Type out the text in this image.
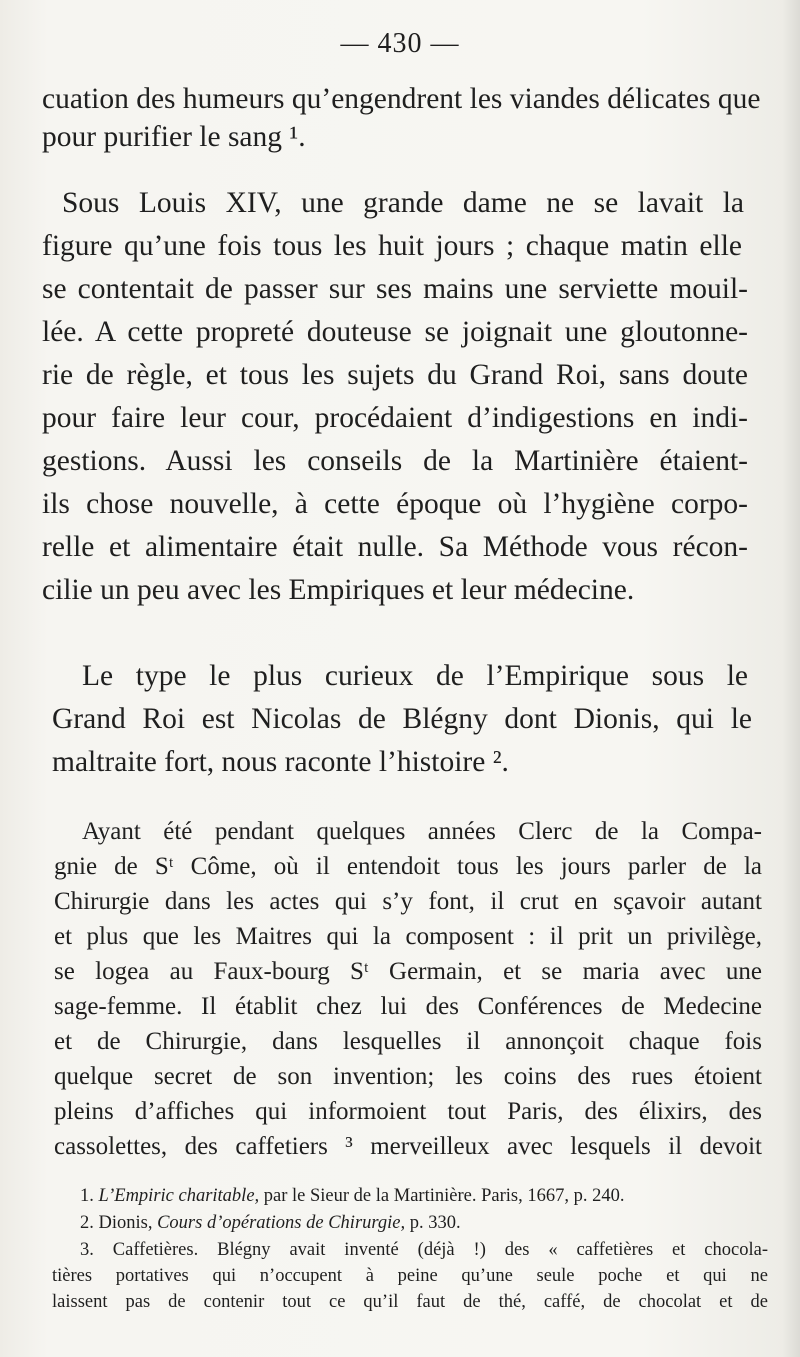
— 430 —
cuation des humeurs qu’engendrent les viandes délicates que
pour purifier le sang ¹.
Sous Louis XIV, une grande dame ne se lavait la
figure qu’une fois tous les huit jours ; chaque matin elle
se contentait de passer sur ses mains une serviette mouil-
lée. A cette propreté douteuse se joignait une gloutonne-
rie de règle, et tous les sujets du Grand Roi, sans doute
pour faire leur cour, procédaient d’indigestions en indi-
gestions. Aussi les conseils de la Martinière étaient-
ils chose nouvelle, à cette époque où l’hygiène corpo-
relle et alimentaire était nulle. Sa Méthode vous récon-
cilie un peu avec les Empiriques et leur médecine.
Le type le plus curieux de l’Empirique sous le
Grand Roi est Nicolas de Blégny dont Dionis, qui le
maltraite fort, nous raconte l’histoire ².
Ayant été pendant quelques années Clerc de la Compa-
gnie de Sᵗ Côme, où il entendoit tous les jours parler de la
Chirurgie dans les actes qui s’y font, il crut en sçavoir autant
et plus que les Maitres qui la composent : il prit un privilège,
se logea au Faux-bourg Sᵗ Germain, et se maria avec une
sage-femme. Il établit chez lui des Conférences de Medecine
et de Chirurgie, dans lesquelles il annonçoit chaque fois
quelque secret de son invention; les coins des rues étoient
pleins d’affiches qui informoient tout Paris, des élixirs, des
cassolettes, des caffetiers ³ merveilleux avec lesquels il devoit
1. L’Empiric charitable, par le Sieur de la Martinière. Paris, 1667, p. 240.
2. Dionis, Cours d’opérations de Chirurgie, p. 330.
3. Caffetières. Blégny avait inventé (déjà !) des « caffetières et chocola-
tières portatives qui n’occupent à peine qu’une seule poche et qui ne
laissent pas de contenir tout ce qu’il faut de thé, caffé, de chocolat et de
